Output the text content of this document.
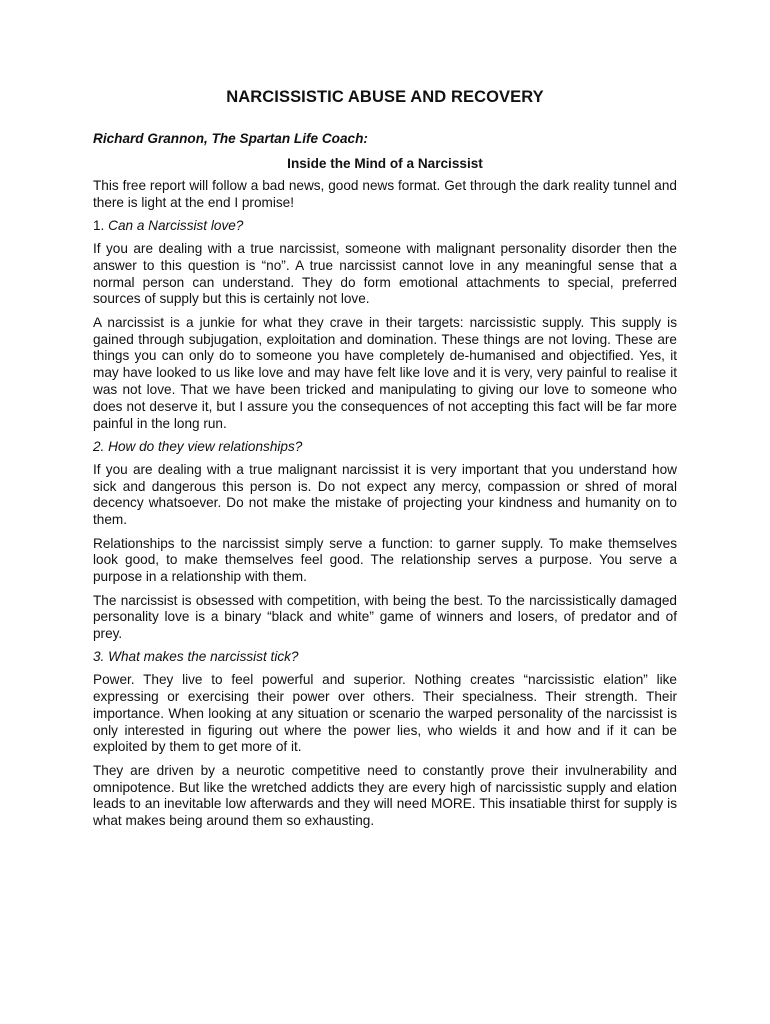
NARCISSISTIC ABUSE AND RECOVERY
Richard Grannon, The Spartan Life Coach:
Inside the Mind of a Narcissist

This free report will follow a bad news, good news format. Get through the dark reality tunnel and there is light at the end I promise!

1. Can a Narcissist love?

If you are dealing with a true narcissist, someone with malignant personality disorder then the answer to this question is “no”. A true narcissist cannot love in any meaningful sense that a normal person can understand. They do form emotional attachments to special, preferred sources of supply but this is certainly not love.

A narcissist is a junkie for what they crave in their targets: narcissistic supply. This supply is gained through subjugation, exploitation and domination. These things are not loving. These are things you can only do to someone you have completely de-humanised and objectified. Yes, it may have looked to us like love and may have felt like love and it is very, very painful to realise it was not love. That we have been tricked and manipulating to giving our love to someone who does not deserve it, but I assure you the consequences of not accepting this fact will be far more painful in the long run.

2. How do they view relationships?

If you are dealing with a true malignant narcissist it is very important that you understand how sick and dangerous this person is. Do not expect any mercy, compassion or shred of moral decency whatsoever. Do not make the mistake of projecting your kindness and humanity on to them.

Relationships to the narcissist simply serve a function: to garner supply. To make themselves look good, to make themselves feel good. The relationship serves a purpose. You serve a purpose in a relationship with them.

The narcissist is obsessed with competition, with being the best. To the narcissistically damaged personality love is a binary “black and white” game of winners and losers, of predator and of prey.

3. What makes the narcissist tick?

Power. They live to feel powerful and superior. Nothing creates “narcissistic elation” like expressing or exercising their power over others. Their specialness. Their strength. Their importance. When looking at any situation or scenario the warped personality of the narcissist is only interested in figuring out where the power lies, who wields it and how and if it can be exploited by them to get more of it.

They are driven by a neurotic competitive need to constantly prove their invulnerability and omnipotence. But like the wretched addicts they are every high of narcissistic supply and elation leads to an inevitable low afterwards and they will need MORE. This insatiable thirst for supply is what makes being around them so exhausting.
